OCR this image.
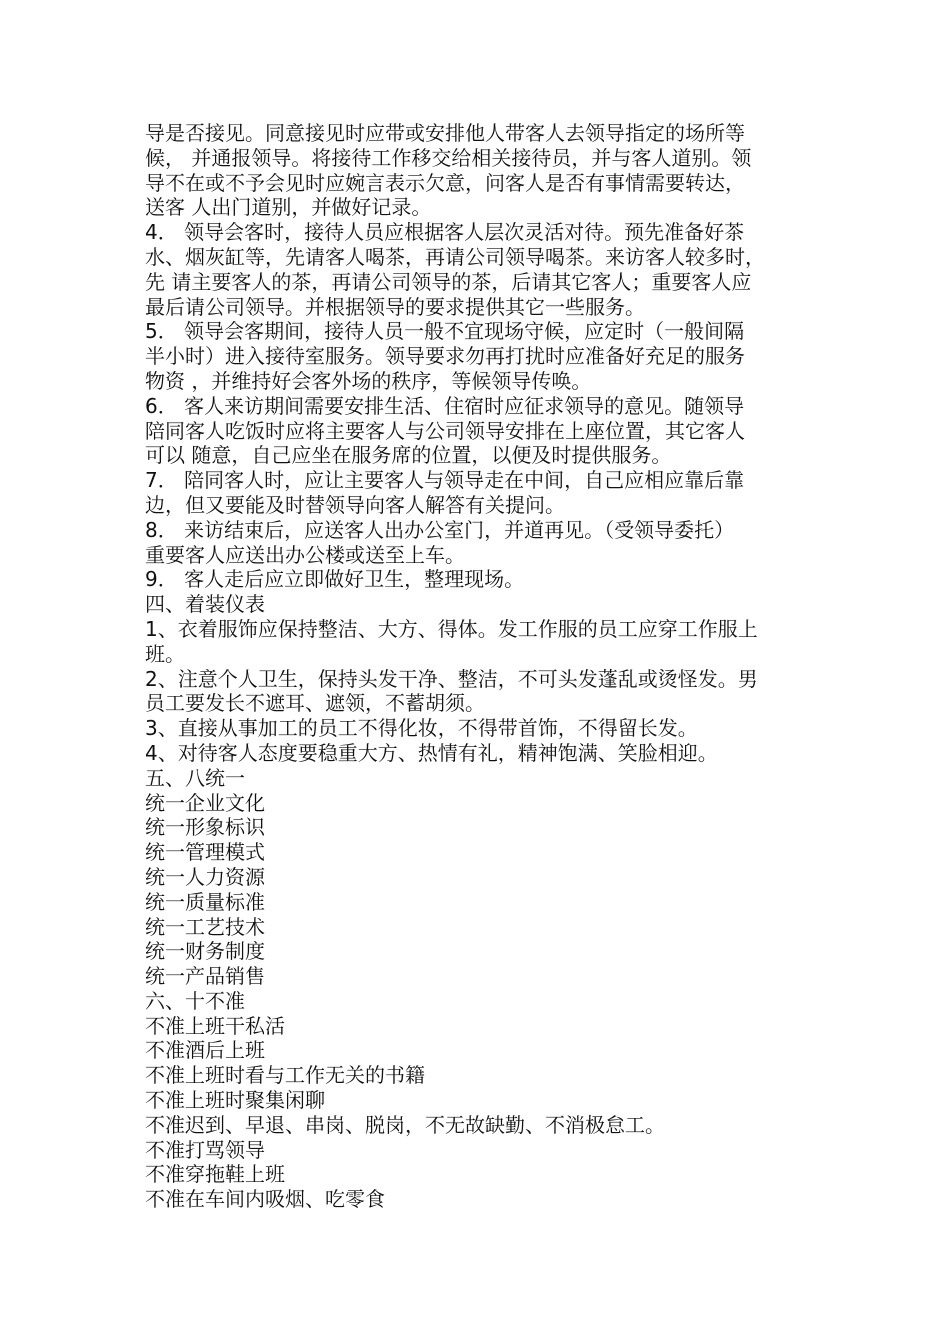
导是否接见。同意接见时应带或安排他人带客人去领导指定的场所等
候， 并通报领导。将接待工作移交给相关接待员，并与客人道别。领
导不在或不予会见时应婉言表示欠意，问客人是否有事情需要转达，
送客 人出门道别，并做好记录。
4． 领导会客时，接待人员应根据客人层次灵活对待。预先准备好茶
水、烟灰缸等，先请客人喝茶，再请公司领导喝茶。来访客人较多时，
先 请主要客人的茶，再请公司领导的茶，后请其它客人；重要客人应
最后请公司领导。并根据领导的要求提供其它一些服务。
5． 领导会客期间，接待人员一般不宜现场守候，应定时（一般间隔
半小时）进入接待室服务。领导要求勿再打扰时应准备好充足的服务
物资 ，并维持好会客外场的秩序，等候领导传唤。
6． 客人来访期间需要安排生活、住宿时应征求领导的意见。随领导
陪同客人吃饭时应将主要客人与公司领导安排在上座位置，其它客人
可以 随意，自己应坐在服务席的位置，以便及时提供服务。
7． 陪同客人时，应让主要客人与领导走在中间，自己应相应靠后靠
边，但又要能及时替领导向客人解答有关提问。
8． 来访结束后，应送客人出办公室门，并道再见。（受领导委托）
重要客人应送出办公楼或送至上车。
9． 客人走后应立即做好卫生，整理现场。
四、着装仪表
1、衣着服饰应保持整洁、大方、得体。发工作服的员工应穿工作服上
班。
2、注意个人卫生，保持头发干净、整洁，不可头发蓬乱或烫怪发。男
员工要发长不遮耳、遮领，不蓄胡须。
3、直接从事加工的员工不得化妆，不得带首饰，不得留长发。
4、对待客人态度要稳重大方、热情有礼，精神饱满、笑脸相迎。
五、八统一
统一企业文化
统一形象标识
统一管理模式
统一人力资源
统一质量标准
统一工艺技术
统一财务制度
统一产品销售
六、十不准
不准上班干私活
不准酒后上班
不准上班时看与工作无关的书籍
不准上班时聚集闲聊
不准迟到、早退、串岗、脱岗，不无故缺勤、不消极怠工。
不准打骂领导
不准穿拖鞋上班
不准在车间内吸烟、吃零食
